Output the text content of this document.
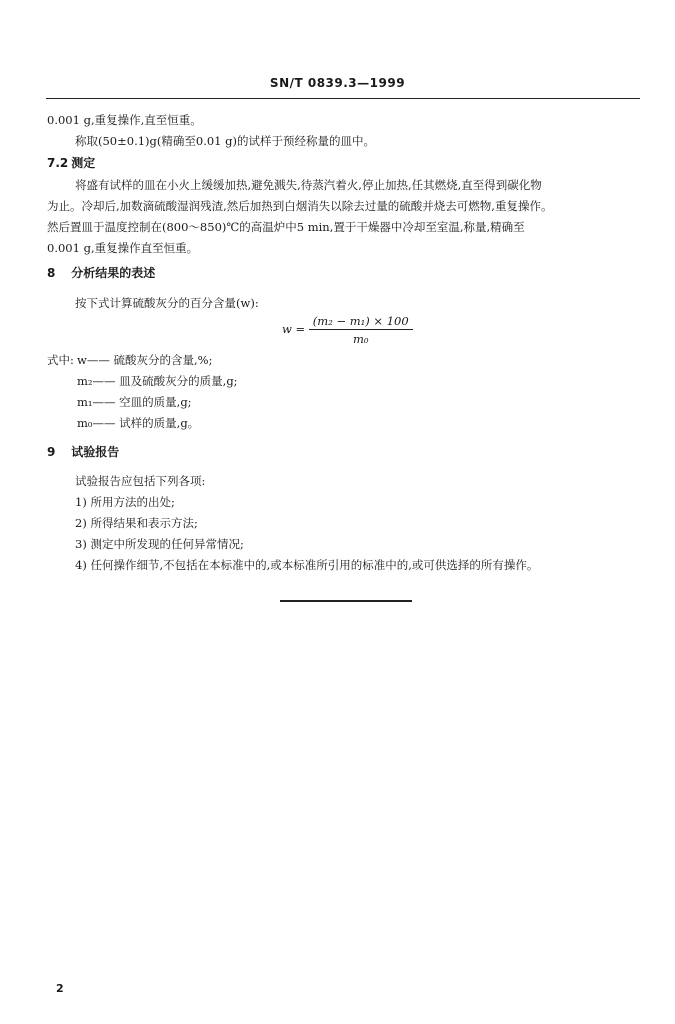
SN/T 0839.3—1999
0.001 g,重复操作,直至恒重。
称取(50±0.1)g(精确至0.01 g)的试样于预经称量的皿中。
7.2 测定
将盛有试样的皿在小火上缓缓加热,避免溅失,待蒸汽着火,停止加热,任其燃烧,直至得到碳化物
为止。冷却后,加数滴硫酸湿润残渣,然后加热到白烟消失以除去过量的硫酸并烧去可燃物,重复操作。
然后置皿于温度控制在(800～850)℃的高温炉中5 min,置于干燥器中冷却至室温,称量,精确至
0.001 g,重复操作直至恒重。
8 分析结果的表述
按下式计算硫酸灰分的百分含量(w):
$w = \frac{\text{(m₂ − m₁) × 100}}{\text{m₀}}$
式中: w—— 硫酸灰分的含量,%;
m₂—— 皿及硫酸灰分的质量,g;
m₁—— 空皿的质量,g;
m₀—— 试样的质量,g。
9 试验报告
试验报告应包括下列各项:
1) 所用方法的出处;
2) 所得结果和表示方法;
3) 测定中所发现的任何异常情况;
4) 任何操作细节,不包括在本标准中的,或本标准所引用的标准中的,或可供选择的所有操作。
2
